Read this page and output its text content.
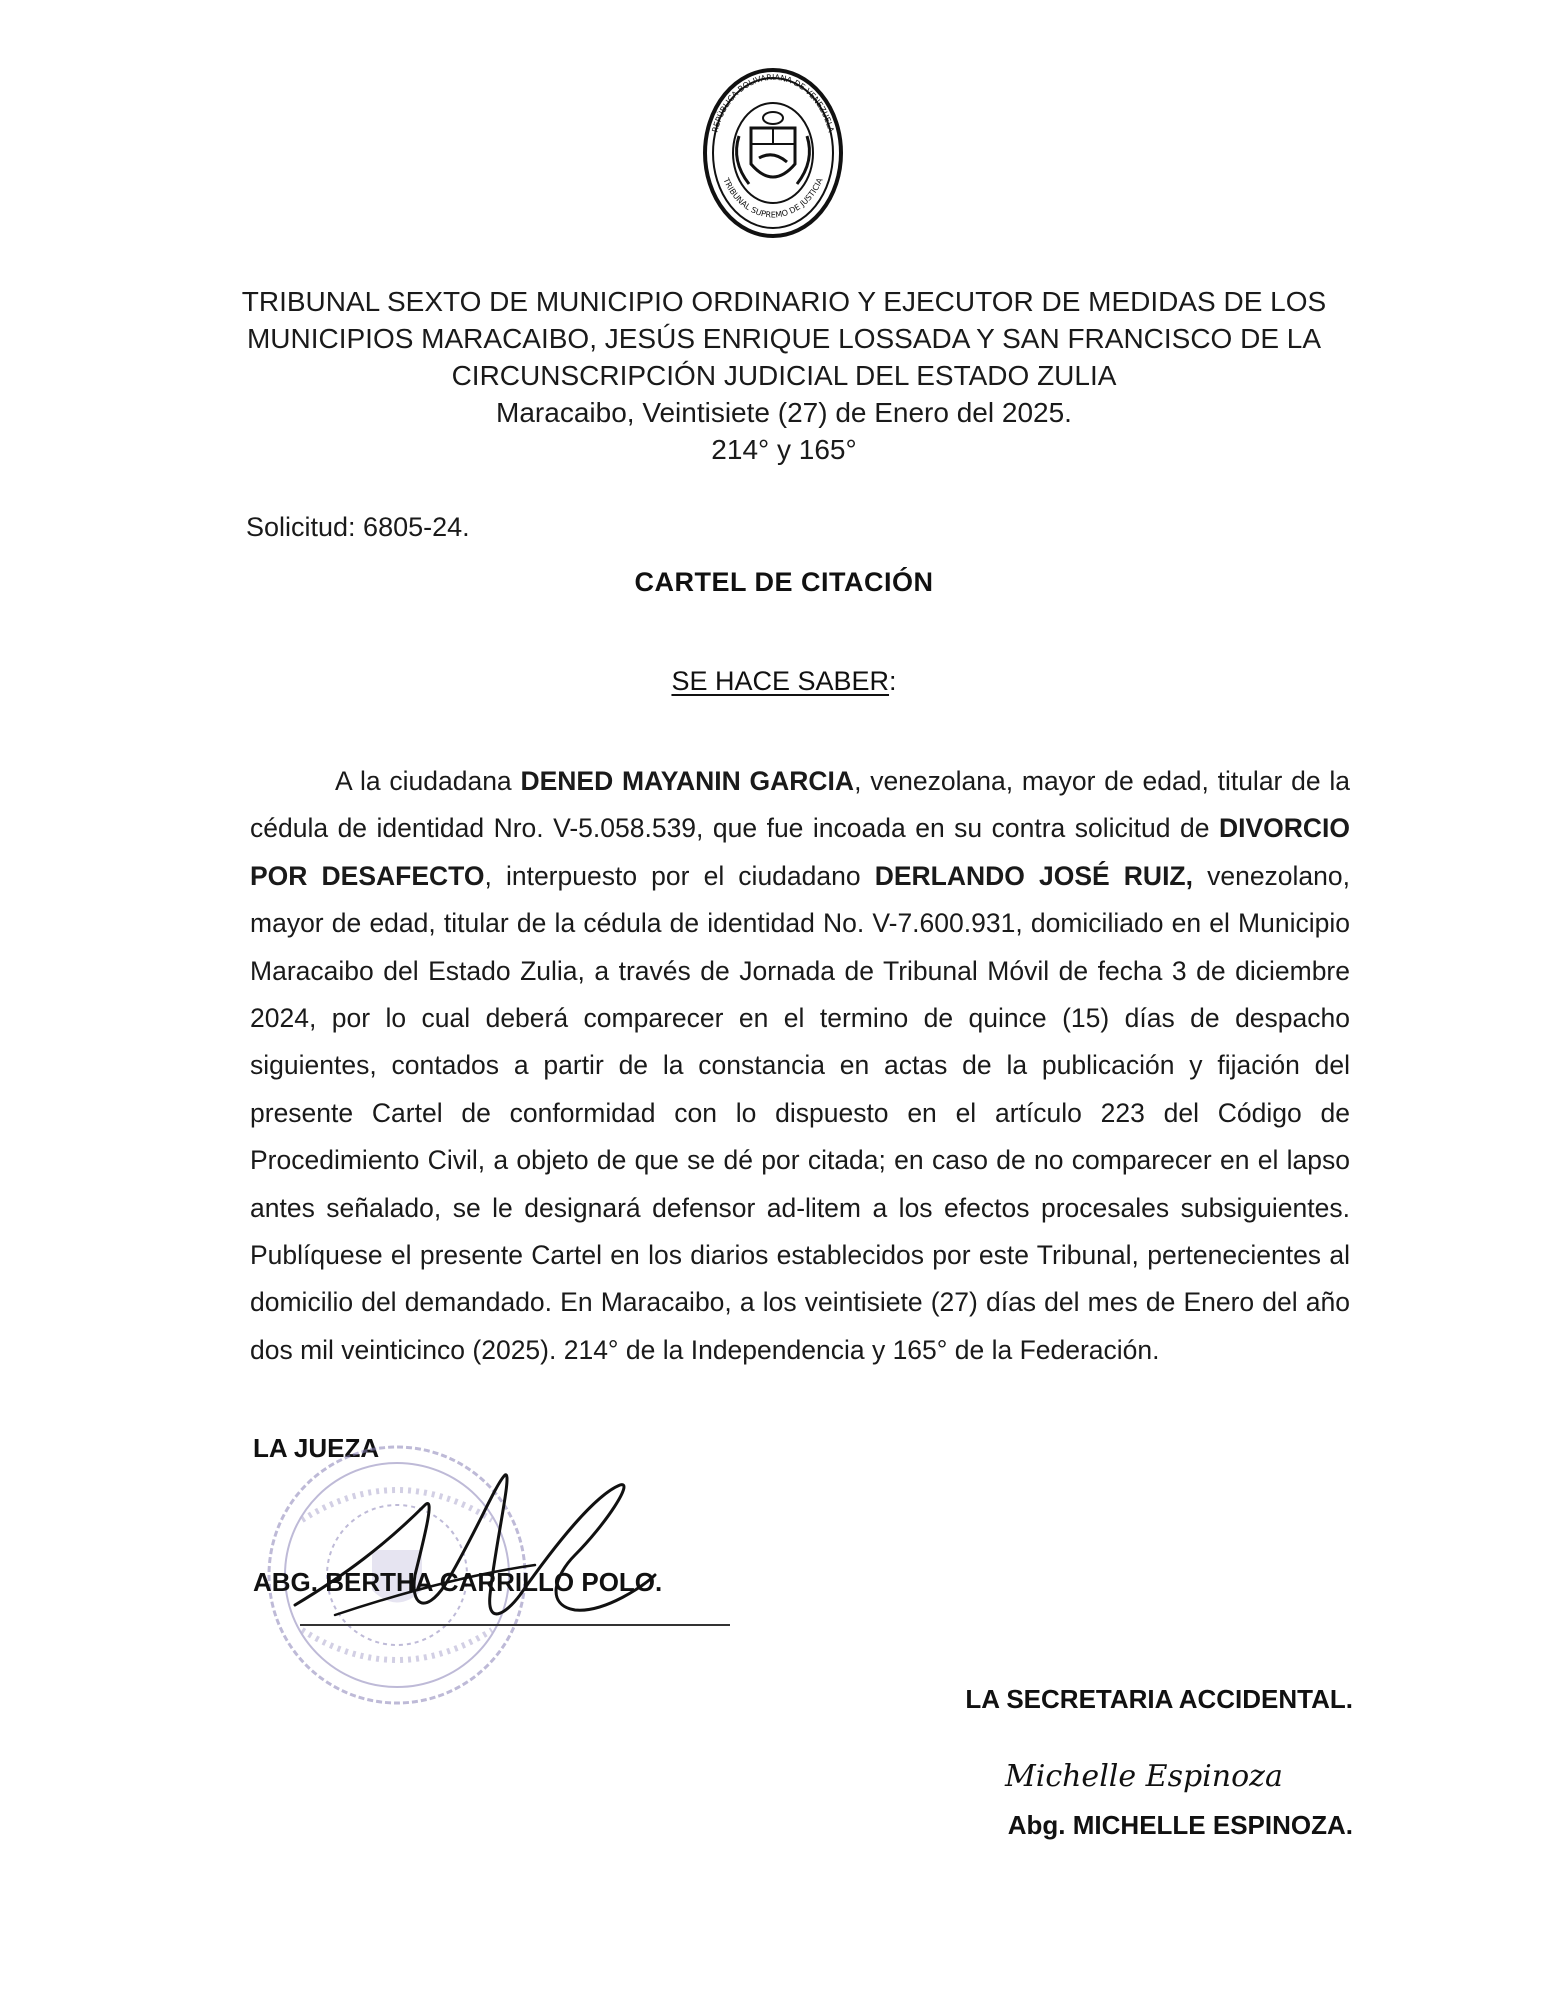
REPÚBLICA BOLIVARIANA DE VENEZUELA
TRIBUNAL SUPREMO DE JUSTICIA
TRIBUNAL SEXTO DE MUNICIPIO ORDINARIO Y EJECUTOR DE MEDIDAS DE LOS
MUNICIPIOS MARACAIBO, JESÚS ENRIQUE LOSSADA Y SAN FRANCISCO DE LA
CIRCUNSCRIPCIÓN JUDICIAL DEL ESTADO ZULIA
Maracaibo, Veintisiete (27) de Enero del 2025.
214° y 165°
Solicitud: 6805-24.
CARTEL DE CITACIÓN
SE HACE SABER:
A la ciudadana DENED MAYANIN GARCIA, venezolana, mayor de edad, titular de la cédula de identidad Nro. V-5.058.539, que fue incoada en su contra solicitud de DIVORCIO POR DESAFECTO, interpuesto por el ciudadano DERLANDO JOSÉ RUIZ, venezolano, mayor de edad, titular de la cédula de identidad No. V-7.600.931, domiciliado en el Municipio Maracaibo del Estado Zulia, a través de Jornada de Tribunal Móvil de fecha 3 de diciembre 2024, por lo cual deberá comparecer en el termino de quince (15) días de despacho siguientes, contados a partir de la constancia en actas de la publicación y fijación del presente Cartel de conformidad con lo dispuesto en el artículo 223 del Código de Procedimiento Civil, a objeto de que se dé por citada; en caso de no comparecer en el lapso antes señalado, se le designará defensor ad-litem a los efectos procesales subsiguientes. Publíquese el presente Cartel en los diarios establecidos por este Tribunal, pertenecientes al domicilio del demandado. En Maracaibo, a los veintisiete (27) días del mes de Enero del año dos mil veinticinco (2025). 214° de la Independencia y 165° de la Federación.
LA JUEZA
ABG. BERTHA CARRILLO POLO.
LA SECRETARIA ACCIDENTAL.
Michelle Espinoza
Abg. MICHELLE ESPINOZA.
